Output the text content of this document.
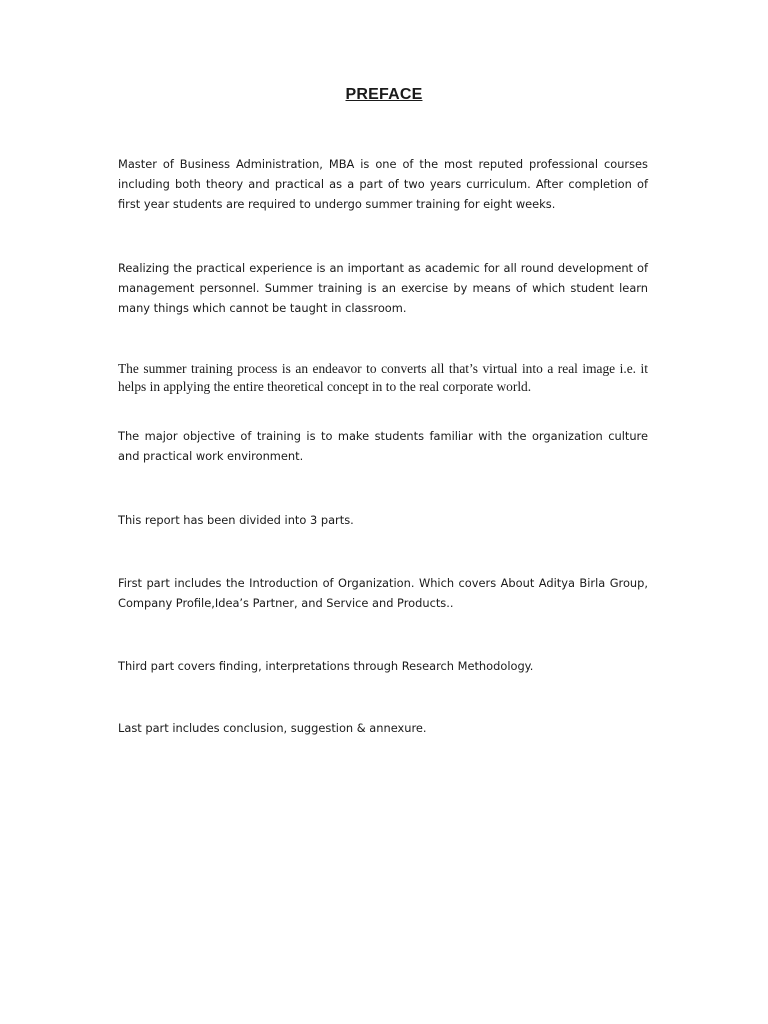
PREFACE

Master of Business Administration, MBA is one of the most reputed professional courses including both theory and practical as a part of two years curriculum. After completion of first year students are required to undergo summer training for eight weeks.

Realizing the practical experience is an important as academic for all round development of management personnel. Summer training is an exercise by means of which student learn many things which cannot be taught in classroom.

The summer training process is an endeavor to converts all that’s virtual into a real image i.e. it helps in applying the entire theoretical concept in to the real corporate world.

The major objective of training is to make students familiar with the organization culture and practical work environment.

This report has been divided into 3 parts.

First part includes the Introduction of Organization. Which covers About Aditya Birla Group, Company Profile,Idea’s Partner, and Service and Products..

Third part covers finding, interpretations through Research Methodology.

Last part includes conclusion, suggestion & annexure.
